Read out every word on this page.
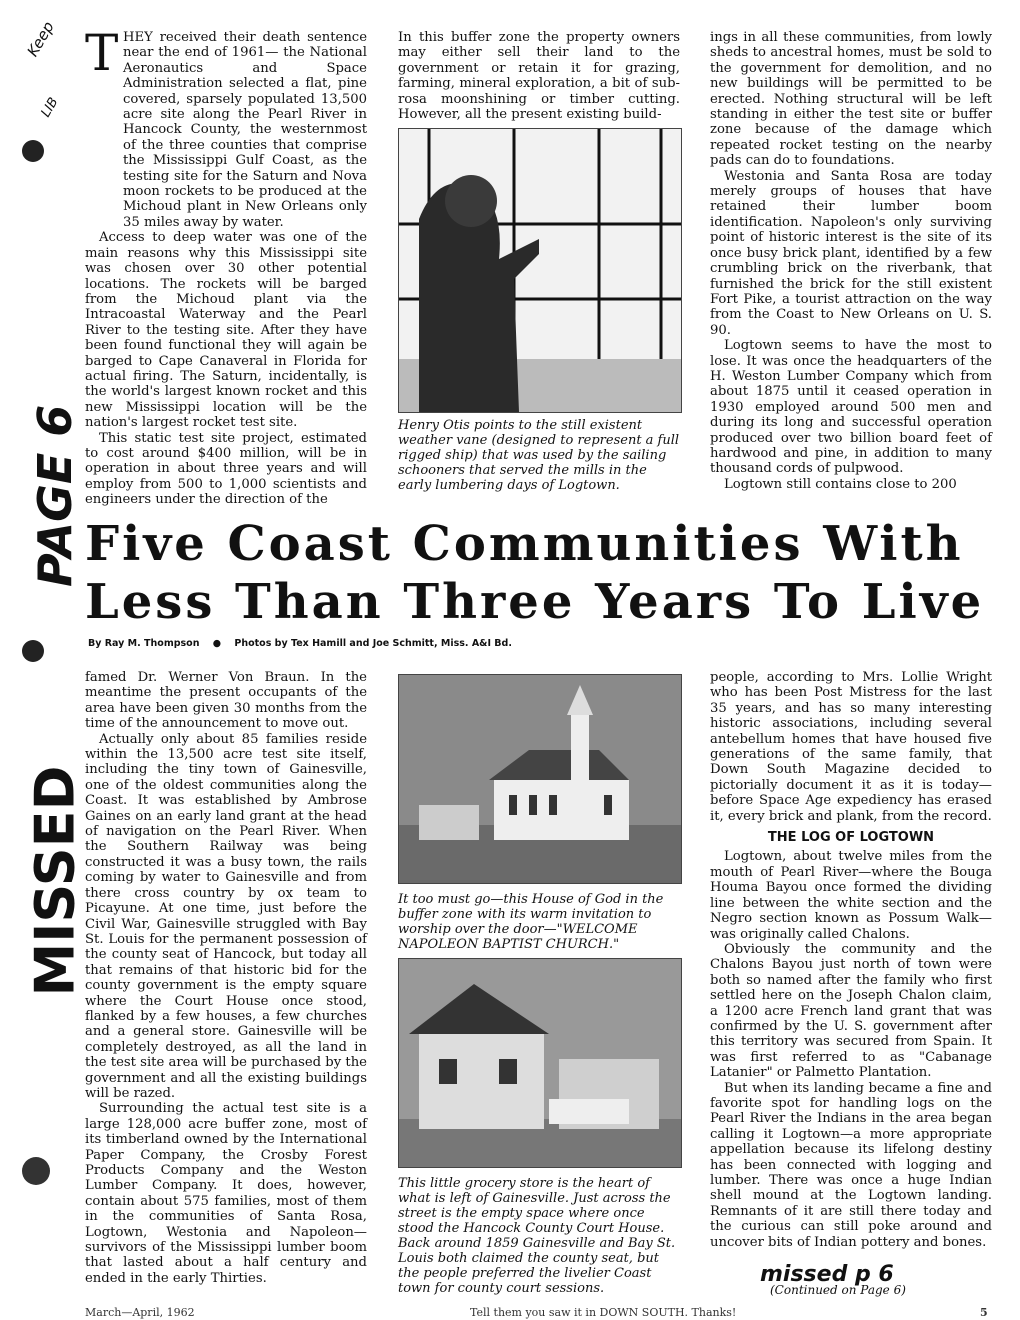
Keep
LIB
PAGE 6
MISSED
T HEY received their death sentence near the end of 1961— the National Aeronautics and Space Administration selected a flat, pine covered, sparsely populated 13,500 acre site along the Pearl River in Hancock County, the westernmost of the three counties that comprise the Mississippi Gulf Coast, as the testing site for the Saturn and Nova moon rockets to be produced at the Michoud plant in New Orleans only 35 miles away by water.

Access to deep water was one of the main reasons why this Mississippi site was chosen over 30 other potential locations. The rockets will be barged from the Michoud plant via the Intracoastal Waterway and the Pearl River to the testing site. After they have been found functional they will again be barged to Cape Canaveral in Florida for actual firing. The Saturn, incidentally, is the world's largest known rocket and this new Mississippi location will be the nation's largest rocket test site.

This static test site project, estimated to cost around $400 million, will be in operation in about three years and will employ from 500 to 1,000 scientists and engineers under the direction of the

In this buffer zone the property owners may either sell their land to the government or retain it for grazing, farming, mineral exploration, a bit of sub-rosa moonshining or timber cutting. However, all the present existing build-

Henry Otis points to the still existent weather vane (designed to represent a full rigged ship) that was used by the sailing schooners that served the mills in the early lumbering days of Logtown.

ings in all these communities, from lowly sheds to ancestral homes, must be sold to the government for demolition, and no new buildings will be permitted to be erected. Nothing structural will be left standing in either the test site or buffer zone because of the damage which repeated rocket testing on the nearby pads can do to foundations.

Westonia and Santa Rosa are today merely groups of houses that have retained their lumber boom identification. Napoleon's only surviving point of historic interest is the site of its once busy brick plant, identified by a few crumbling brick on the riverbank, that furnished the brick for the still existent Fort Pike, a tourist attraction on the way from the Coast to New Orleans on U. S. 90.

Logtown seems to have the most to lose. It was once the headquarters of the H. Weston Lumber Company which from about 1875 until it ceased operation in 1930 employed around 500 men and during its long and successful operation produced over two billion board feet of hardwood and pine, in addition to many thousand cords of pulpwood.

Logtown still contains close to 200

Five Coast Communities With
Less Than Three Years To Live
By Ray M. Thompson ● Photos by Tex Hamill and Joe Schmitt, Miss. A&I Bd.

famed Dr. Werner Von Braun. In the meantime the present occupants of the area have been given 30 months from the time of the announcement to move out.

Actually only about 85 families reside within the 13,500 acre test site itself, including the tiny town of Gainesville, one of the oldest communities along the Coast. It was established by Ambrose Gaines on an early land grant at the head of navigation on the Pearl River. When the Southern Railway was being constructed it was a busy town, the rails coming by water to Gainesville and from there cross country by ox team to Picayune. At one time, just before the Civil War, Gainesville struggled with Bay St. Louis for the permanent possession of the county seat of Hancock, but today all that remains of that historic bid for the county government is the empty square where the Court House once stood, flanked by a few houses, a few churches and a general store. Gainesville will be completely destroyed, as all the land in the test site area will be purchased by the government and all the existing buildings will be razed.

Surrounding the actual test site is a large 128,000 acre buffer zone, most of its timberland owned by the International Paper Company, the Crosby Forest Products Company and the Weston Lumber Company. It does, however, contain about 575 families, most of them in the communities of Santa Rosa, Logtown, Westonia and Napoleon—survivors of the Mississippi lumber boom that lasted about a half century and ended in the early Thirties.

It too must go—this House of God in the buffer zone with its warm invitation to worship over the door—"WELCOME NAPOLEON BAPTIST CHURCH."
This little grocery store is the heart of what is left of Gainesville. Just across the street is the empty space where once stood the Hancock County Court House. Back around 1859 Gainesville and Bay St. Louis both claimed the county seat, but the people preferred the livelier Coast town for county court sessions.

people, according to Mrs. Lollie Wright who has been Post Mistress for the last 35 years, and has so many interesting historic associations, including several antebellum homes that have housed five generations of the same family, that Down South Magazine decided to pictorially document it as it is today—before Space Age expediency has erased it, every brick and plank, from the record.

THE LOG OF LOGTOWN

Logtown, about twelve miles from the mouth of Pearl River—where the Bouga Houma Bayou once formed the dividing line between the white section and the Negro section known as Possum Walk—was originally called Chalons.

Obviously the community and the Chalons Bayou just north of town were both so named after the family who first settled here on the Joseph Chalon claim, a 1200 acre French land grant that was confirmed by the U. S. government after this territory was secured from Spain. It was first referred to as "Cabanage Latanier" or Palmetto Plantation.

But when its landing became a fine and favorite spot for handling logs on the Pearl River the Indians in the area began calling it Logtown—a more appropriate appellation because its lifelong destiny has been connected with logging and lumber. There was once a huge Indian shell mound at the Logtown landing. Remnants of it are still there today and the curious can still poke around and uncover bits of Indian pottery and bones.

missed p 6
(Continued on Page 6)
March—April, 1962	Tell them you saw it in DOWN SOUTH. Thanks!	5
